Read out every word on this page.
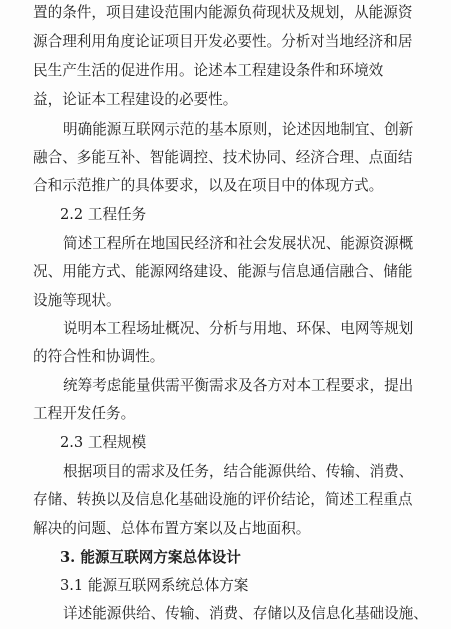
置的条件，项目建设范围内能源负荷现状及规划，从能源资
源合理利用角度论证项目开发必要性。分析对当地经济和居
民生产生活的促进作用。论述本工程建设条件和环境效
益，论证本工程建设的必要性。
明确能源互联网示范的基本原则，论述因地制宜、创新
融合、多能互补、智能调控、技术协同、经济合理、点面结
合和示范推广的具体要求，以及在项目中的体现方式。
2.2 工程任务
简述工程所在地国民经济和社会发展状况、能源资源概
况、用能方式、能源网络建设、能源与信息通信融合、储能
设施等现状。
说明本工程场址概况、分析与用地、环保、电网等规划
的符合性和协调性。
统筹考虑能量供需平衡需求及各方对本工程要求，提出
工程开发任务。
2.3 工程规模
根据项目的需求及任务，结合能源供给、传输、消费、
存储、转换以及信息化基础设施的评价结论，简述工程重点
解决的问题、总体布置方案以及占地面积。
3. 能源互联网方案总体设计
3.1 能源互联网系统总体方案
详述能源供给、传输、消费、存储以及信息化基础设施、
